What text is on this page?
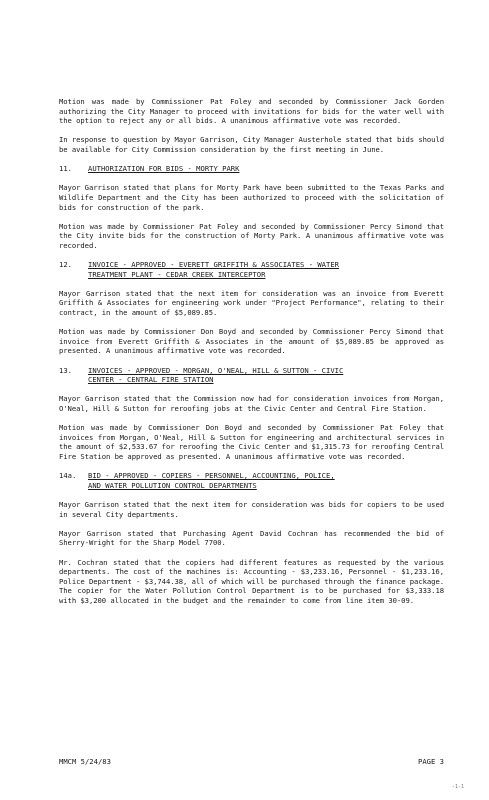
Motion was made by Commissioner Pat Foley and seconded by Commissioner Jack Gorden authorizing the City Manager to proceed with invitations for bids for the water well with the option to reject any or all bids. A unanimous affirmative vote was recorded.

In response to question by Mayor Garrison, City Manager Austerhole stated that bids should be available for City Commission consideration by the first meeting in June.

11.	AUTHORIZATION FOR BIDS - MORTY PARK

Mayor Garrison stated that plans for Morty Park have been submitted to the Texas Parks and Wildlife Department and the City has been authorized to proceed with the solicitation of bids for construction of the park.

Motion was made by Commissioner Pat Foley and seconded by Commissioner Percy Simond that the City invite bids for the construction of Morty Park. A unanimous affirmative vote was recorded.

12.	INVOICE - APPROVED - EVERETT GRIFFITH & ASSOCIATES - WATER
TREATMENT PLANT - CEDAR CREEK INTERCEPTOR

Mayor Garrison stated that the next item for consideration was an invoice from Everett Griffith & Associates for engineering work under "Project Performance", relating to their contract, in the amount of $5,089.85.

Motion was made by Commissioner Don Boyd and seconded by Commissioner Percy Simond that invoice from Everett Griffith & Associates in the amount of $5,089.85 be approved as presented. A unanimous affirmative vote was recorded.

13.	INVOICES - APPROVED - MORGAN, O'NEAL, HILL & SUTTON - CIVIC
CENTER - CENTRAL FIRE STATION

Mayor Garrison stated that the Commission now had for consideration invoices from Morgan, O'Neal, Hill & Sutton for reroofing jobs at the Civic Center and Central Fire Station.

Motion was made by Commissioner Don Boyd and seconded by Commissioner Pat Foley that invoices from Morgan, O'Neal, Hill & Sutton for engineering and architectural services in the amount of $2,533.67 for reroofing the Civic Center and $1,315.73 for reroofing Central Fire Station be approved as presented. A unanimous affirmative vote was recorded.

14a.	BID - APPROVED - COPIERS - PERSONNEL, ACCOUNTING, POLICE,
AND WATER POLLUTION CONTROL DEPARTMENTS

Mayor Garrison stated that the next item for consideration was bids for copiers to be used in several City departments.

Mayor Garrison stated that Purchasing Agent David Cochran has recommended the bid of Sherry-Wright for the Sharp Model 7700.

Mr. Cochran stated that the copiers had different features as requested by the various departments. The cost of the machines is: Accounting - $3,233.16, Personnel - $1,233.16, Police Department - $3,744.38, all of which will be purchased through the finance package. The copier for the Water Pollution Control Department is to be purchased for $3,333.18 with $3,200 allocated in the budget and the remainder to come from line item 30-09.

MMCM 5/24/83	PAGE 3
-1-1
